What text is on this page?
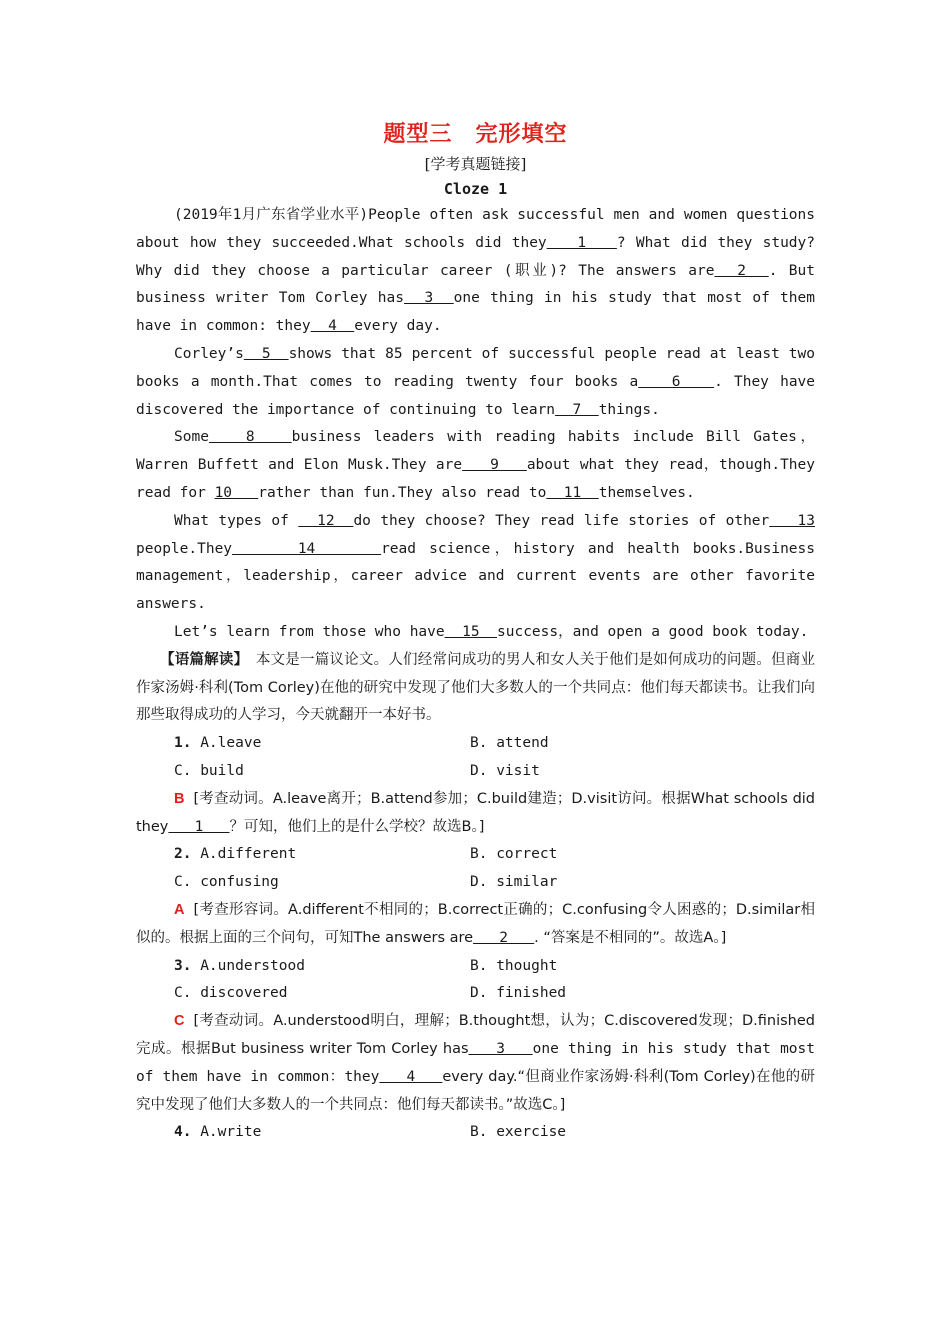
题型三　完形填空
[学考真题链接]
Cloze 1
(2019年1月广东省学业水平)People often ask successful men and women questions about how they succeeded.What schools did they   1   ? What did they study? Why did they choose a particular career (职业)? The answers are  2  . But business writer Tom Corley has  3  one thing in his study that most of them have in common: they  4  every day.
Corley’s  5  shows that 85 percent of successful people read at least two books a month.That comes to reading twenty four books a   6   . They have discovered the importance of continuing to learn  7  things.
Some   8   business leaders with reading habits include Bill Gates，Warren Buffett and Elon Musk.They are   9   about what they read，though.They read for 10   rather than fun.They also read to  11  themselves.
What types of   12  do they choose? They read life stories of other   13 people.They     14     read science，history and health books.Business management，leadership，career advice and current events are other favorite answers.
Let’s learn from those who have  15  success，and open a good book today.
【语篇解读】　 本文是一篇议论文。人们经常问成功的男人和女人关于他们是如何成功的问题。但商业作家汤姆·科利(Tom Corley)在他的研究中发现了他们大多数人的一个共同点：他们每天都读书。让我们向那些取得成功的人学习，今天就翻开一本好书。
1. A.leave	B. attend
C. build	D. visit
B [考查动词。A.leave离开；B.attend参加；C.build建造；D.visit访问。根据What schools did they   1   ？可知，他们上的是什么学校？故选B。]
2. A.different	B. correct
C. confusing	D. similar
A [考查形容词。A.different不相同的；B.correct正确的；C.confusing令人困惑的；D.similar相似的。根据上面的三个问句，可知The answers are   2   . “答案是不相同的”。故选A。]
3. A.understood	B. thought
C. discovered	D. finished
C [考查动词。A.understood明白，理解；B.thought想，认为；C.discovered发现；D.finished完成。根据But business writer Tom Corley has   3   one thing in his study that most of them have in common：they   4   every day.“但商业作家汤姆·科利(Tom Corley)在他的研究中发现了他们大多数人的一个共同点：他们每天都读书。”故选C。]
4. A.write	B. exercise
